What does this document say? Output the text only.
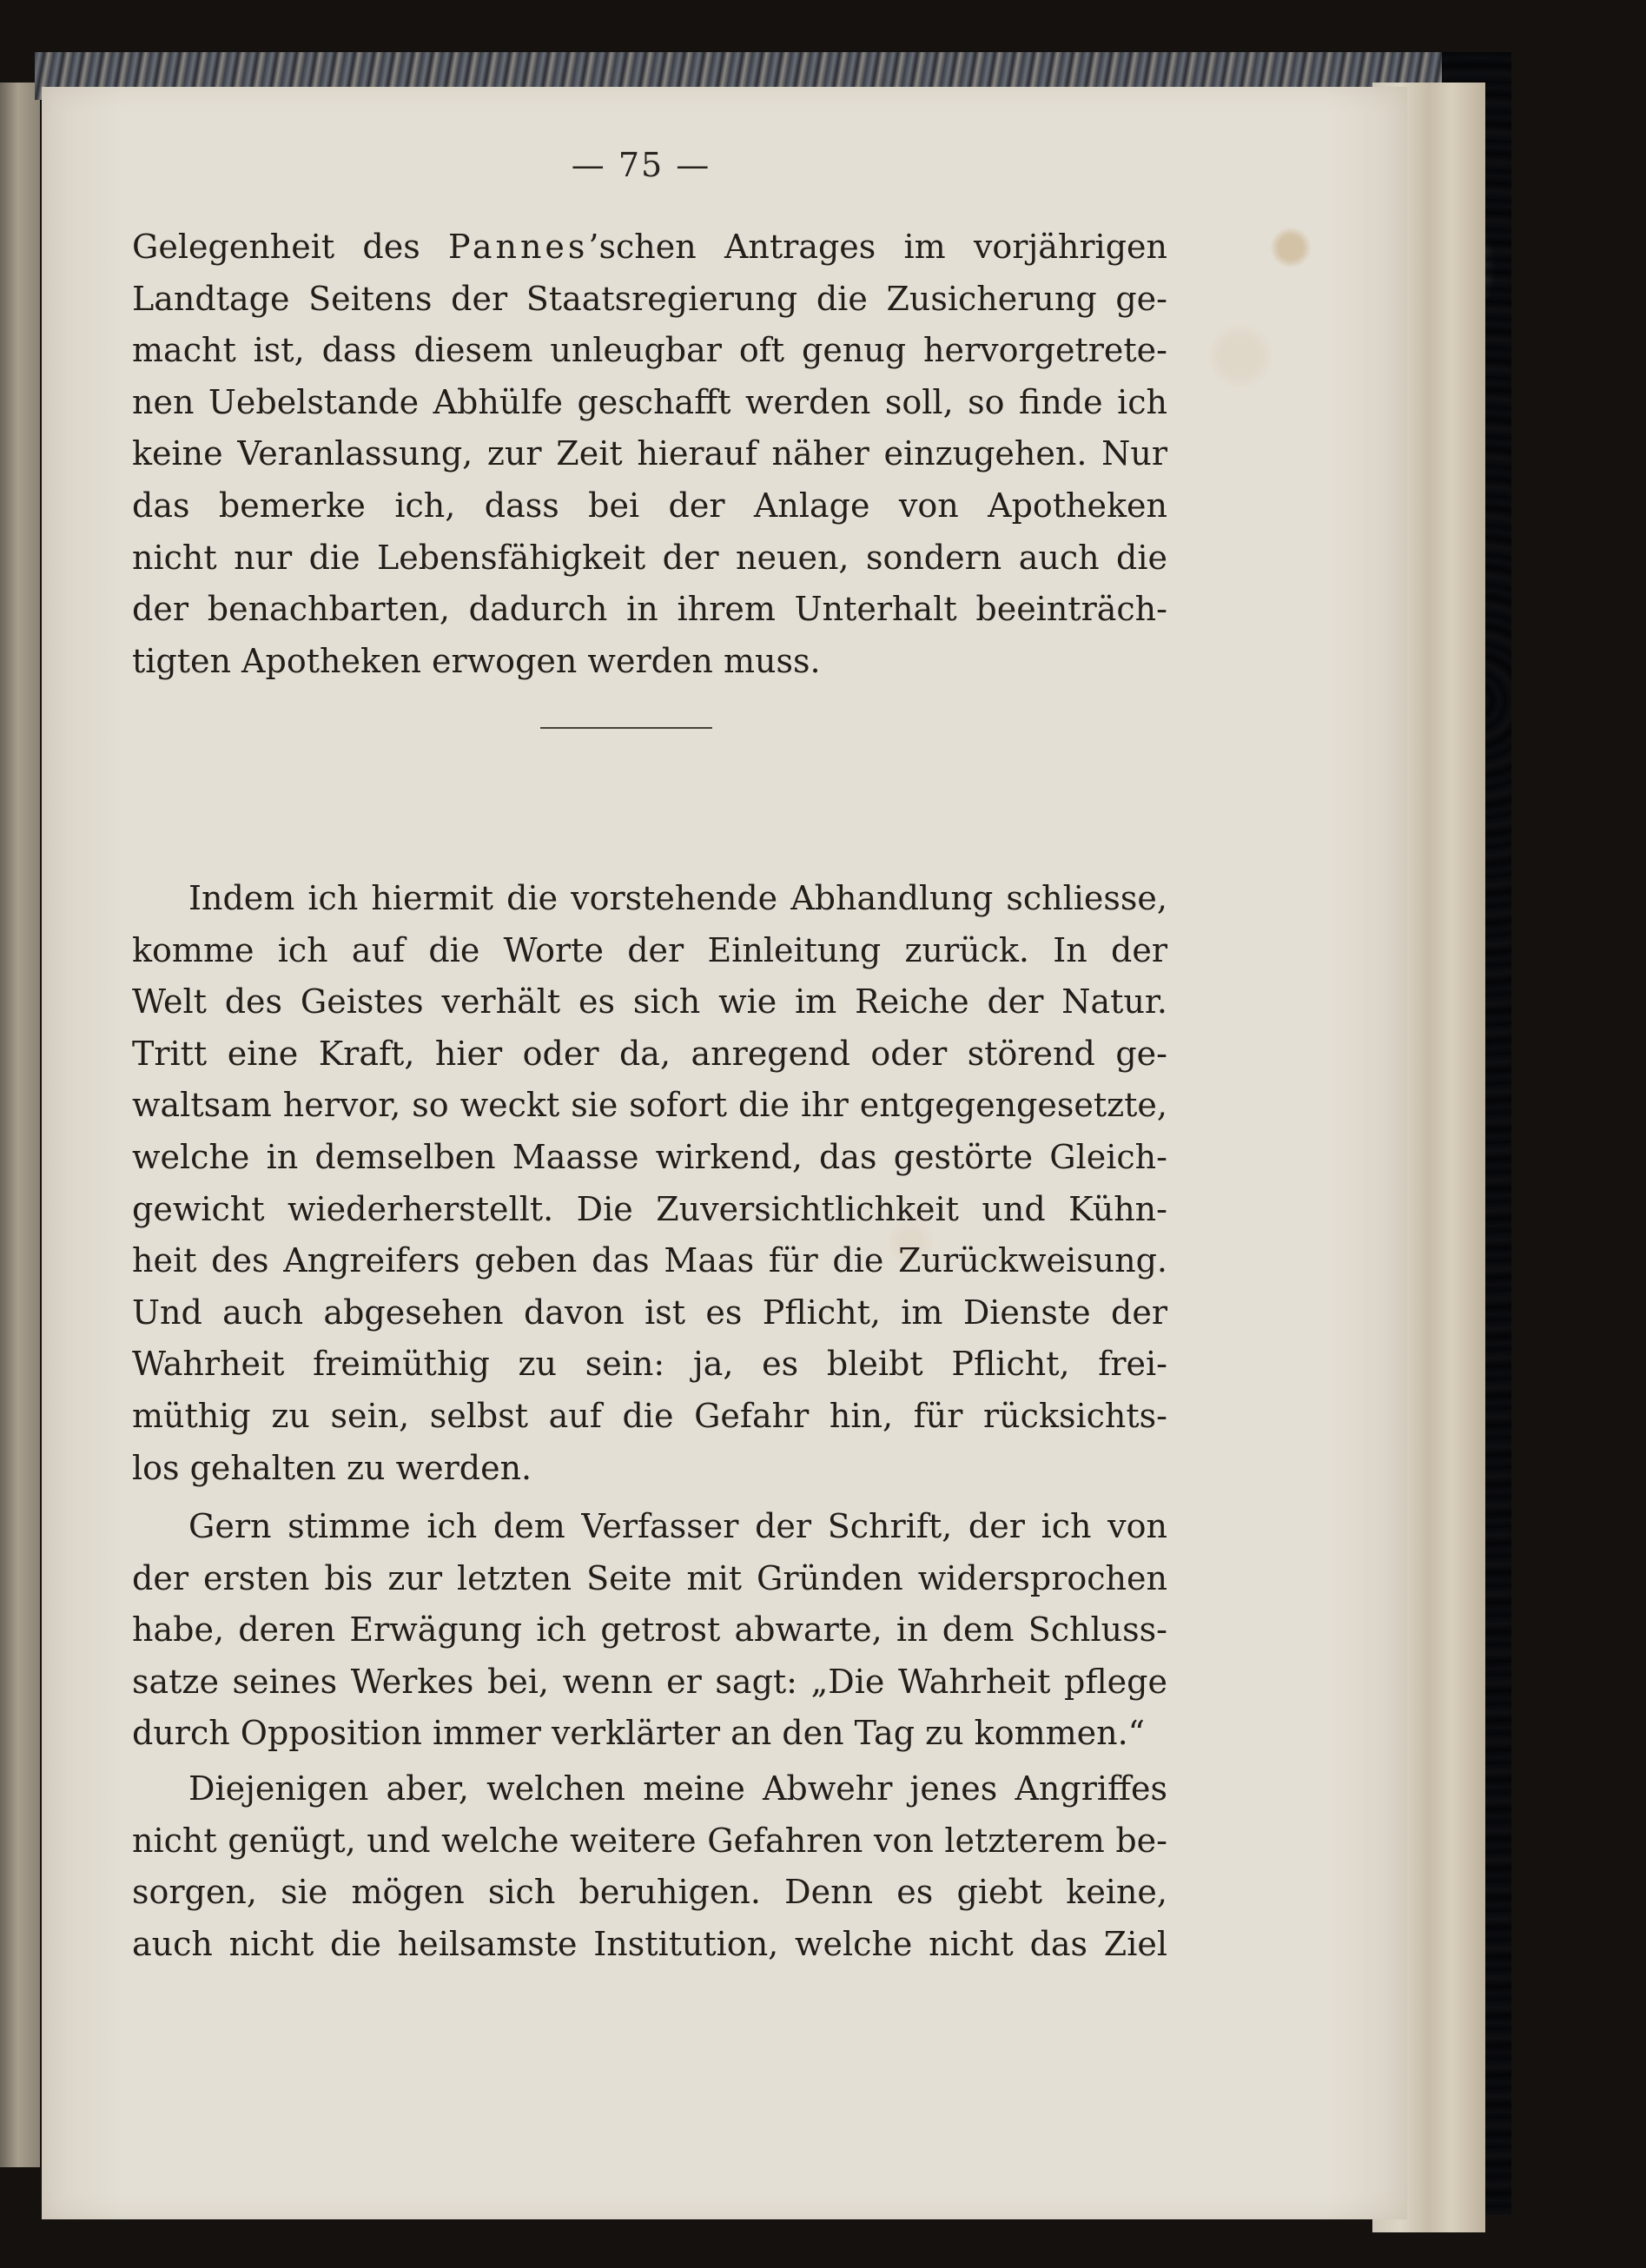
— 75 —
Gelegenheit des Pannes’schen Antrages im vorjährigen
Landtage Seitens der Staatsregierung die Zusicherung ge-
macht ist, dass diesem unleugbar oft genug hervorgetrete-
nen Uebelstande Abhülfe geschafft werden soll, so finde ich
keine Veranlassung, zur Zeit hierauf näher einzugehen. Nur
das bemerke ich, dass bei der Anlage von Apotheken
nicht nur die Lebensfähigkeit der neuen, sondern auch die
der benachbarten, dadurch in ihrem Unterhalt beeinträch-
tigten Apotheken erwogen werden muss.
Indem ich hiermit die vorstehende Abhandlung schliesse,
komme ich auf die Worte der Einleitung zurück. In der
Welt des Geistes verhält es sich wie im Reiche der Natur.
Tritt eine Kraft, hier oder da, anregend oder störend ge-
waltsam hervor, so weckt sie sofort die ihr entgegengesetzte,
welche in demselben Maasse wirkend, das gestörte Gleich-
gewicht wiederherstellt. Die Zuversichtlichkeit und Kühn-
heit des Angreifers geben das Maas für die Zurückweisung.
Und auch abgesehen davon ist es Pflicht, im Dienste der
Wahrheit freimüthig zu sein: ja, es bleibt Pflicht, frei-
müthig zu sein, selbst auf die Gefahr hin, für rücksichts-
los gehalten zu werden.
Gern stimme ich dem Verfasser der Schrift, der ich von
der ersten bis zur letzten Seite mit Gründen widersprochen
habe, deren Erwägung ich getrost abwarte, in dem Schluss-
satze seines Werkes bei, wenn er sagt: „Die Wahrheit pflege
durch Opposition immer verklärter an den Tag zu kommen.“
Diejenigen aber, welchen meine Abwehr jenes Angriffes
nicht genügt, und welche weitere Gefahren von letzterem be-
sorgen, sie mögen sich beruhigen. Denn es giebt keine,
auch nicht die heilsamste Institution, welche nicht das Ziel
